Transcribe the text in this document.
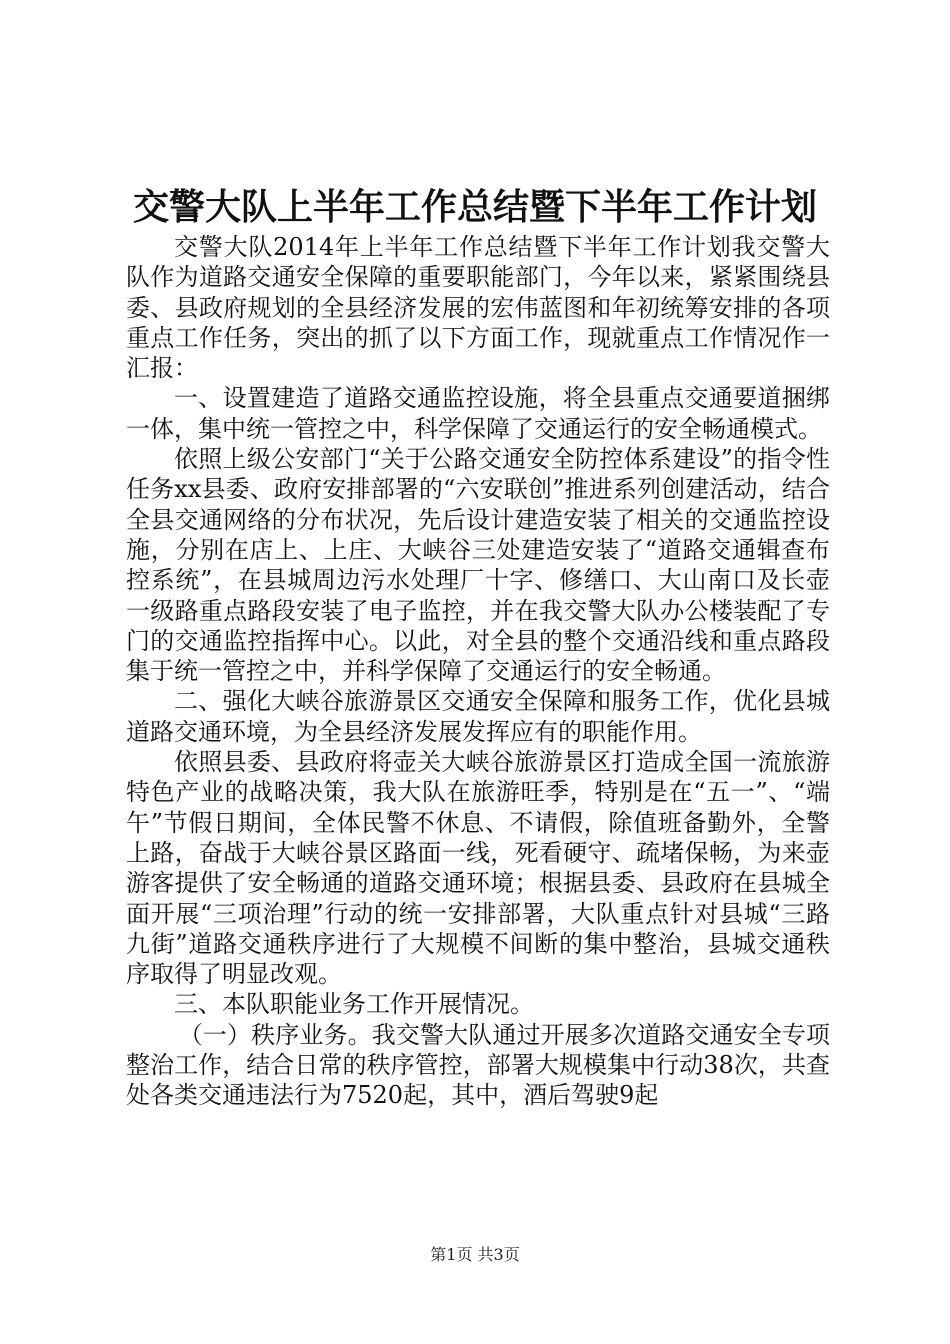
交警大队上半年工作总结暨下半年工作计划

交警大队2014年上半年工作总结暨下半年工作计划我交警大队作为道路交通安全保障的重要职能部门，今年以来，紧紧围绕县委、县政府规划的全县经济发展的宏伟蓝图和年初统筹安排的各项重点工作任务，突出的抓了以下方面工作，现就重点工作情况作一汇报：

一、设置建造了道路交通监控设施，将全县重点交通要道捆绑一体，集中统一管控之中，科学保障了交通运行的安全畅通模式。

依照上级公安部门“关于公路交通安全防控体系建设”的指令性任务xx县委、政府安排部署的“六安联创”推进系列创建活动，结合全县交通网络的分布状况，先后设计建造安装了相关的交通监控设施，分别在店上、上庄、大峡谷三处建造安装了“道路交通辑查布控系统”，在县城周边污水处理厂十字、修缮口、大山南口及长壶一级路重点路段安装了电子监控，并在我交警大队办公楼装配了专门的交通监控指挥中心。以此，对全县的整个交通沿线和重点路段集于统一管控之中，并科学保障了交通运行的安全畅通。

二、强化大峡谷旅游景区交通安全保障和服务工作，优化县城道路交通环境，为全县经济发展发挥应有的职能作用。

依照县委、县政府将壶关大峡谷旅游景区打造成全国一流旅游特色产业的战略决策，我大队在旅游旺季，特别是在“五一”、“端午”节假日期间，全体民警不休息、不请假，除值班备勤外，全警上路，奋战于大峡谷景区路面一线，死看硬守、疏堵保畅，为来壶游客提供了安全畅通的道路交通环境；根据县委、县政府在县城全面开展“三项治理”行动的统一安排部署，大队重点针对县城“三路九街”道路交通秩序进行了大规模不间断的集中整治，县城交通秩序取得了明显改观。

三、本队职能业务工作开展情况。

（一）秩序业务。我交警大队通过开展多次道路交通安全专项整治工作，结合日常的秩序管控，部署大规模集中行动38次，共查处各类交通违法行为7520起，其中，酒后驾驶9起

第1页 共3页
